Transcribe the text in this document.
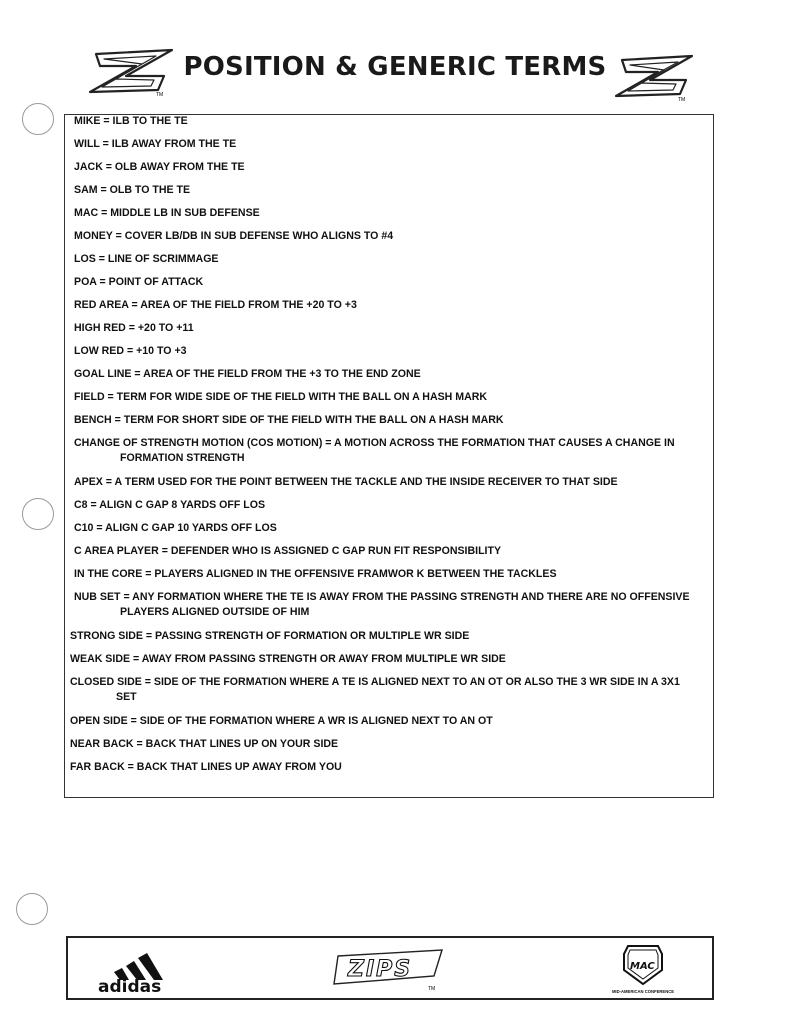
TM
POSITION & GENERIC TERMS
TM
MIKE = ILB TO THE TE
WILL = ILB AWAY FROM THE TE
JACK = OLB AWAY FROM THE TE
SAM = OLB TO THE TE
MAC = MIDDLE LB IN SUB DEFENSE
MONEY = COVER LB/DB IN SUB DEFENSE WHO ALIGNS TO #4
LOS = LINE OF SCRIMMAGE
POA = POINT OF ATTACK
RED AREA = AREA OF THE FIELD FROM THE +20 TO +3
HIGH RED = +20 TO +11
LOW RED = +10 TO +3
GOAL LINE = AREA OF THE FIELD FROM THE +3 TO THE END ZONE
FIELD = TERM FOR WIDE SIDE OF THE FIELD WITH THE BALL ON A HASH MARK
BENCH = TERM FOR SHORT SIDE OF THE FIELD WITH THE BALL ON A HASH MARK
CHANGE OF STRENGTH MOTION (COS MOTION) = A MOTION ACROSS THE FORMATION THAT CAUSES A CHANGE IN
FORMATION STRENGTH
APEX = A TERM USED FOR THE POINT BETWEEN THE TACKLE AND THE INSIDE RECEIVER TO THAT SIDE
C8 = ALIGN C GAP 8 YARDS OFF LOS
C10 = ALIGN C GAP 10 YARDS OFF LOS
C AREA PLAYER = DEFENDER WHO IS ASSIGNED C GAP RUN FIT RESPONSIBILITY
IN THE CORE = PLAYERS ALIGNED IN THE OFFENSIVE FRAMWOR K BETWEEN THE TACKLES
NUB SET = ANY FORMATION WHERE THE TE IS AWAY FROM THE PASSING STRENGTH AND THERE ARE NO OFFENSIVE
PLAYERS ALIGNED OUTSIDE OF HIM
STRONG SIDE = PASSING STRENGTH OF FORMATION OR MULTIPLE WR SIDE
WEAK SIDE = AWAY FROM PASSING STRENGTH OR AWAY FROM MULTIPLE WR SIDE
CLOSED SIDE = SIDE OF THE FORMATION WHERE A TE IS ALIGNED NEXT TO AN OT OR ALSO THE 3 WR SIDE IN A 3X1
SET
OPEN SIDE = SIDE OF THE FORMATION WHERE A WR IS ALIGNED NEXT TO AN OT
NEAR BACK = BACK THAT LINES UP ON YOUR SIDE
FAR BACK = BACK THAT LINES UP AWAY FROM YOU
adidas
ZIPS
TM
MAC
MID-AMERICAN CONFERENCE
